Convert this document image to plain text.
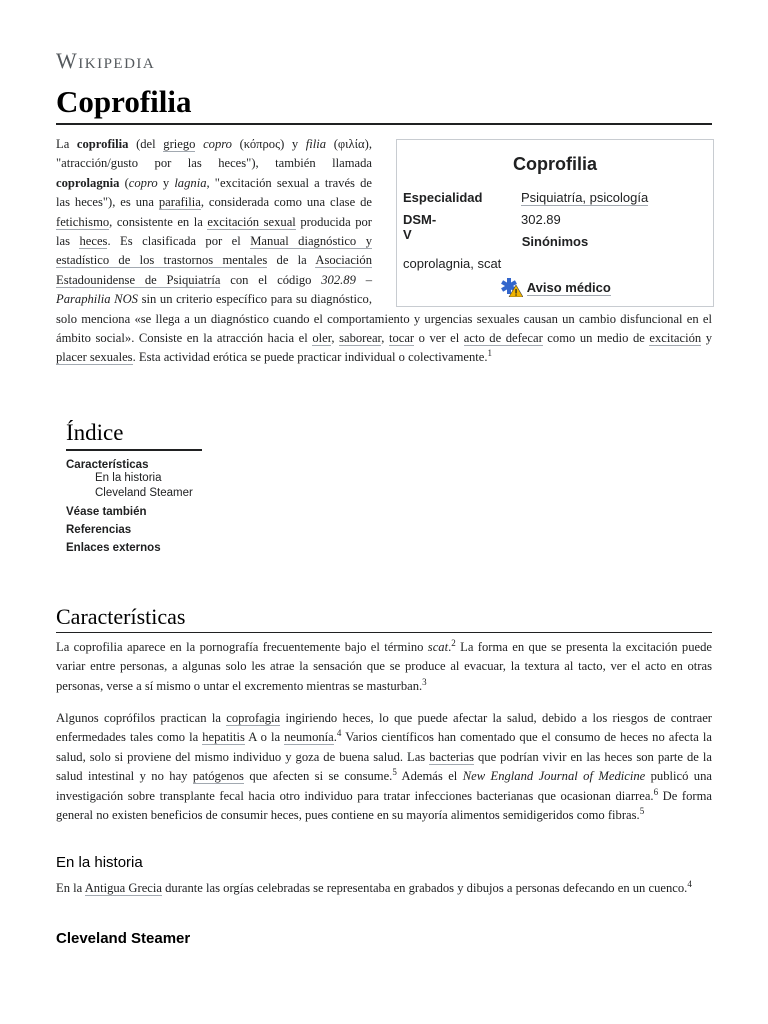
Wikipedia
Coprofilia
La coprofilia (del griego copro (κόπρος) y filia (φιλία), "atracción/gusto por las heces"), también llamada coprolagnia (copro y lagnia, "excitación sexual a través de las heces"), es una parafilia, considerada como una clase de fetichismo, consistente en la excitación sexual producida por las heces. Es clasificada por el Manual diagnóstico y estadístico de los trastornos mentales de la Asociación Estadounidense de Psiquiatría con el código 302.89 – Paraphilia NOS sin un criterio específico para su diagnóstico, solo menciona «se llega a un diagnóstico cuando el comportamiento y urgencias sexuales causan un cambio disfuncional en el ámbito social». Consiste en la atracción hacia el oler, saborear, tocar o ver el acto de defecar como un medio de excitación y placer sexuales. Esta actividad erótica se puede practicar individual o colectivamente.$^1$
Coprofilia
Especialidad	Psiquiatría, psicología
DSM-V
302.89
Sinónimos
coprolagnia, scat
Aviso médico
Índice
Características
En la historia
Cleveland Steamer
Véase también
Referencias
Enlaces externos
Características
La coprofilia aparece en la pornografía frecuentemente bajo el término scat.$^2$ La forma en que se presenta la excitación puede variar entre personas, a algunas solo les atrae la sensación que se produce al evacuar, la textura al tacto, ver el acto en otras personas, verse a sí mismo o untar el excremento mientras se masturban.$^3$
Algunos coprófilos practican la coprofagia ingiriendo heces, lo que puede afectar la salud, debido a los riesgos de contraer enfermedades tales como la hepatitis A o la neumonía.$^4$ Varios científicos han comentado que el consumo de heces no afecta la salud, solo si proviene del mismo individuo y goza de buena salud. Las bacterias que podrían vivir en las heces son parte de la salud intestinal y no hay patógenos que afecten si se consume.$^5$ Además el New England Journal of Medicine publicó una investigación sobre transplante fecal hacia otro individuo para tratar infecciones bacterianas que ocasionan diarrea.$^6$ De forma general no existen beneficios de consumir heces, pues contiene en su mayoría alimentos semidigeridos como fibras.$^5$
En la historia
En la Antigua Grecia durante las orgías celebradas se representaba en grabados y dibujos a personas defecando en un cuenco.$^4$
Cleveland Steamer
